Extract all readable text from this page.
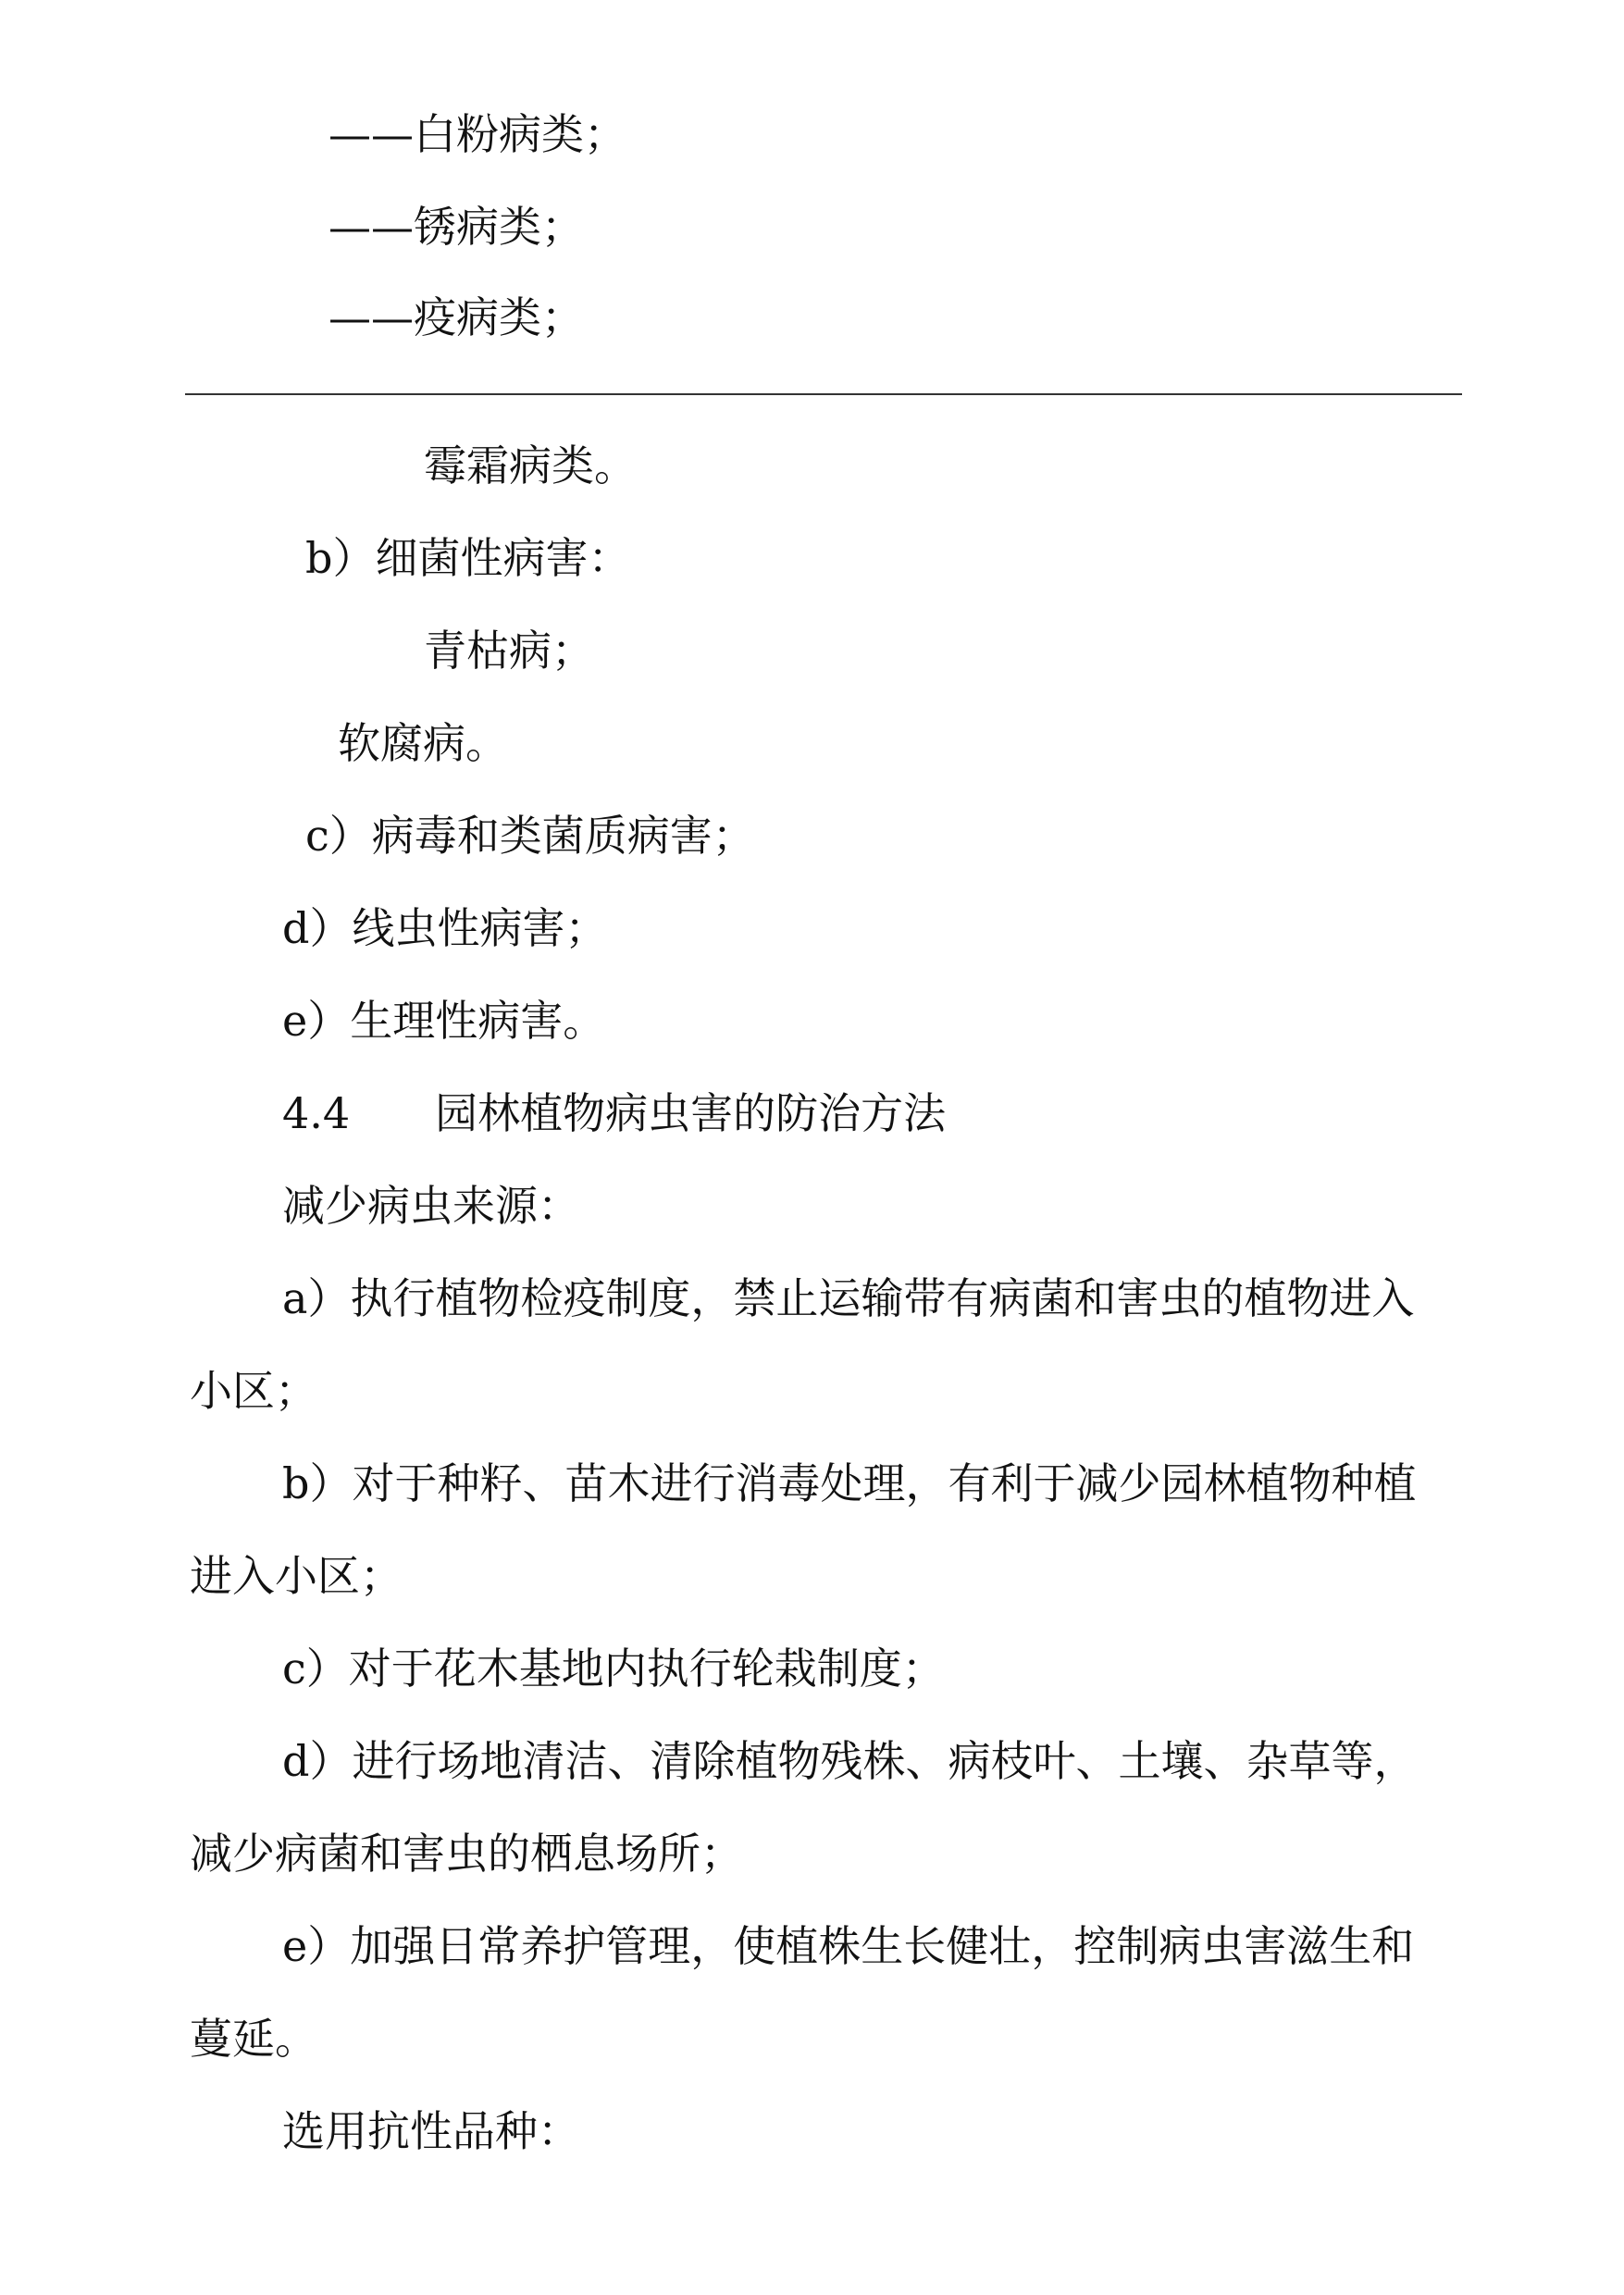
——白粉病类；
——锈病类；
——疫病类；
霉霜病类。
b）细菌性病害：
青枯病；
软腐病。
c）病毒和类菌质病害；
d）线虫性病害；
e）生理性病害。
4.4　　园林植物病虫害的防治方法
减少病虫来源：
a）执行植物检疫制度，禁止运输带有病菌和害虫的植物进入
小区；
b）对于种籽、苗木进行消毒处理，有利于减少园林植物种植
进入小区；
c）对于花木基地内执行轮栽制度；
d）进行场地清洁、清除植物残株、病枝叶、土壤、杂草等，
减少病菌和害虫的栖息场所；
e）加强日常养护管理，使植株生长健壮，控制病虫害滋生和
蔓延。
选用抗性品种：
